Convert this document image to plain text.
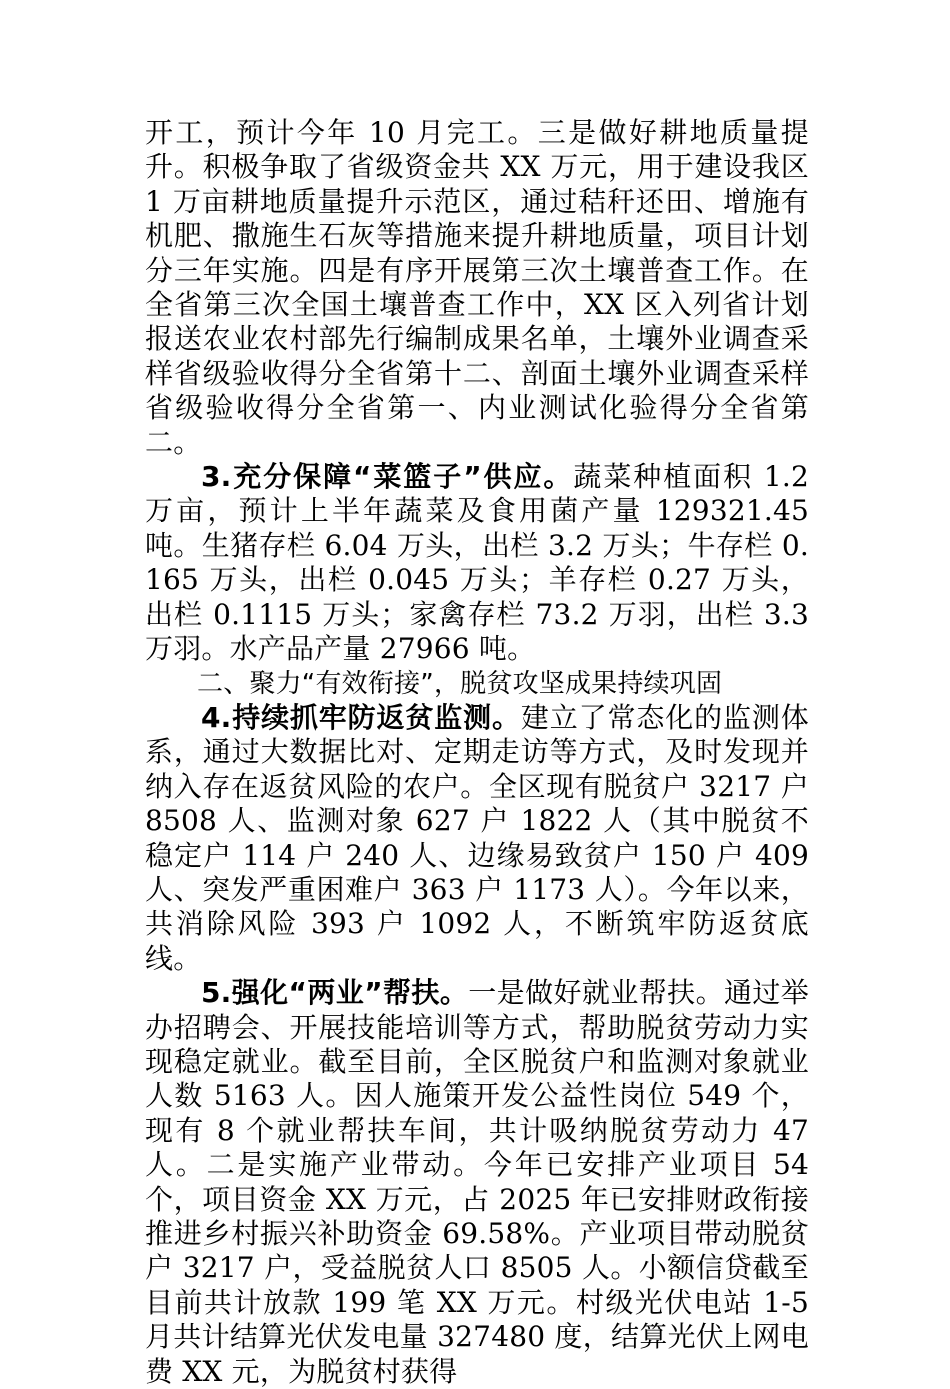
开工，预计今年 10 月完工。三是做好耕地质量提升。积极争取了省级资金共 XX 万元，用于建设我区 1 万亩耕地质量提升示范区，通过秸秆还田、增施有机肥、撒施生石灰等措施来提升耕地质量，项目计划分三年实施。四是有序开展第三次土壤普查工作。在全省第三次全国土壤普查工作中，XX 区入列省计划报送农业农村部先行编制成果名单，土壤外业调查采样省级验收得分全省第十二、剖面土壤外业调查采样省级验收得分全省第一、内业测试化验得分全省第二。

3.充分保障“菜篮子”供应。蔬菜种植面积 1.2 万亩，预计上半年蔬菜及食用菌产量 129321.45 吨。生猪存栏 6.04 万头，出栏 3.2 万头；牛存栏 0.165 万头，出栏 0.045 万头；羊存栏 0.27 万头，出栏 0.1115 万头；家禽存栏 73.2 万羽，出栏 3.3 万羽。水产品产量 27966 吨。

二、聚力“有效衔接”，脱贫攻坚成果持续巩固

4.持续抓牢防返贫监测。建立了常态化的监测体系，通过大数据比对、定期走访等方式，及时发现并纳入存在返贫风险的农户。全区现有脱贫户 3217 户 8508 人、监测对象 627 户 1822 人（其中脱贫不稳定户 114 户 240 人、边缘易致贫户 150 户 409 人、突发严重困难户 363 户 1173 人）。今年以来，共消除风险 393 户 1092 人，不断筑牢防返贫底线。

5.强化“两业”帮扶。一是做好就业帮扶。通过举办招聘会、开展技能培训等方式，帮助脱贫劳动力实现稳定就业。截至目前，全区脱贫户和监测对象就业人数 5163 人。因人施策开发公益性岗位 549 个，现有 8 个就业帮扶车间，共计吸纳脱贫劳动力 47 人。二是实施产业带动。今年已安排产业项目 54 个，项目资金 XX 万元，占 2025 年已安排财政衔接推进乡村振兴补助资金 69.58%。产业项目带动脱贫户 3217 户，受益脱贫人口 8505 人。小额信贷截至目前共计放款 199 笔 XX 万元。村级光伏电站 1-5 月共计结算光伏发电量 327480 度，结算光伏上网电费 XX 元，为脱贫村获得
